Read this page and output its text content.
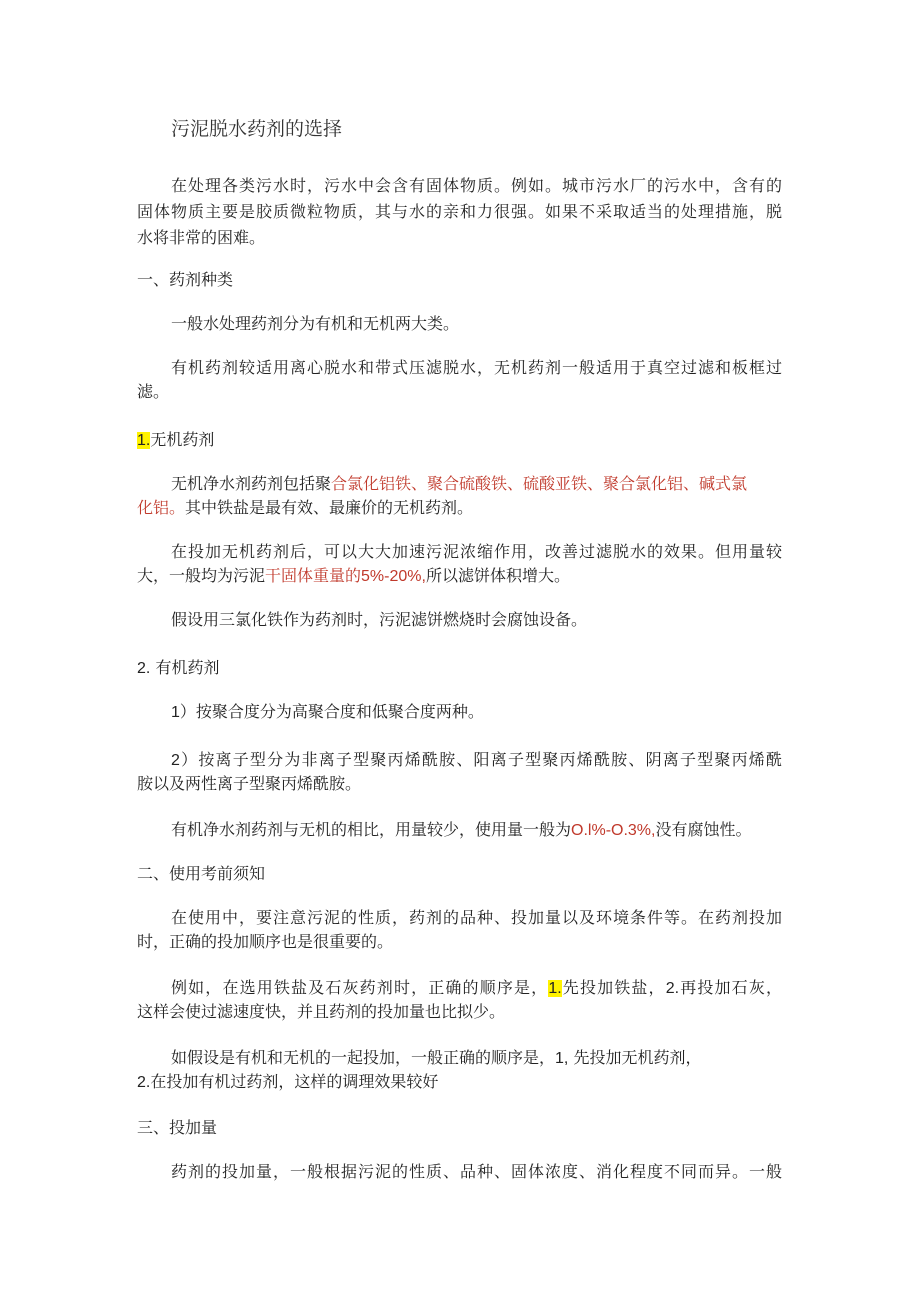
污泥脱水药剂的选择

在处理各类污水时，污水中会含有固体物质。例如。城市污水厂的污水中，含有的

固体物质主要是胶质微粒物质，其与水的亲和力很强。如果不采取适当的处理措施，脱

水将非常的困难。

一、药剂种类

一般水处理药剂分为有机和无机两大类。

有机药剂较适用离心脱水和带式压滤脱水，无机药剂一般适用于真空过滤和板框过

滤。

1.无机药剂

无机净水剂药剂包括聚合氯化铝铁、聚合硫酸铁、硫酸亚铁、聚合氯化铝、碱式氯

化铝。其中铁盐是最有效、最廉价的无机药剂。

在投加无机药剂后，可以大大加速污泥浓缩作用，改善过滤脱水的效果。但用量较

大，一般均为污泥干固体重量的5%-20%,所以滤饼体积增大。

假设用三氯化铁作为药剂时，污泥滤饼燃烧时会腐蚀设备。

2. 有机药剂

1）按聚合度分为高聚合度和低聚合度两种。

2）按离子型分为非离子型聚丙烯酰胺、阳离子型聚丙烯酰胺、阴离子型聚丙烯酰

胺以及两性离子型聚丙烯酰胺。

有机净水剂药剂与无机的相比，用量较少，使用量一般为O.l%-O.3%,没有腐蚀性。

二、使用考前须知

在使用中，要注意污泥的性质，药剂的品种、投加量以及环境条件等。在药剂投加

时，正确的投加顺序也是很重要的。

例如，在选用铁盐及石灰药剂时，正确的顺序是，1.先投加铁盐，2.再投加石灰，

这样会使过滤速度快，并且药剂的投加量也比拟少。

如假设是有机和无机的一起投加，一般正确的顺序是，1, 先投加无机药剂，

2.在投加有机过药剂，这样的调理效果较好

三、投加量

药剂的投加量，一般根据污泥的性质、品种、固体浓度、消化程度不同而异。一般
